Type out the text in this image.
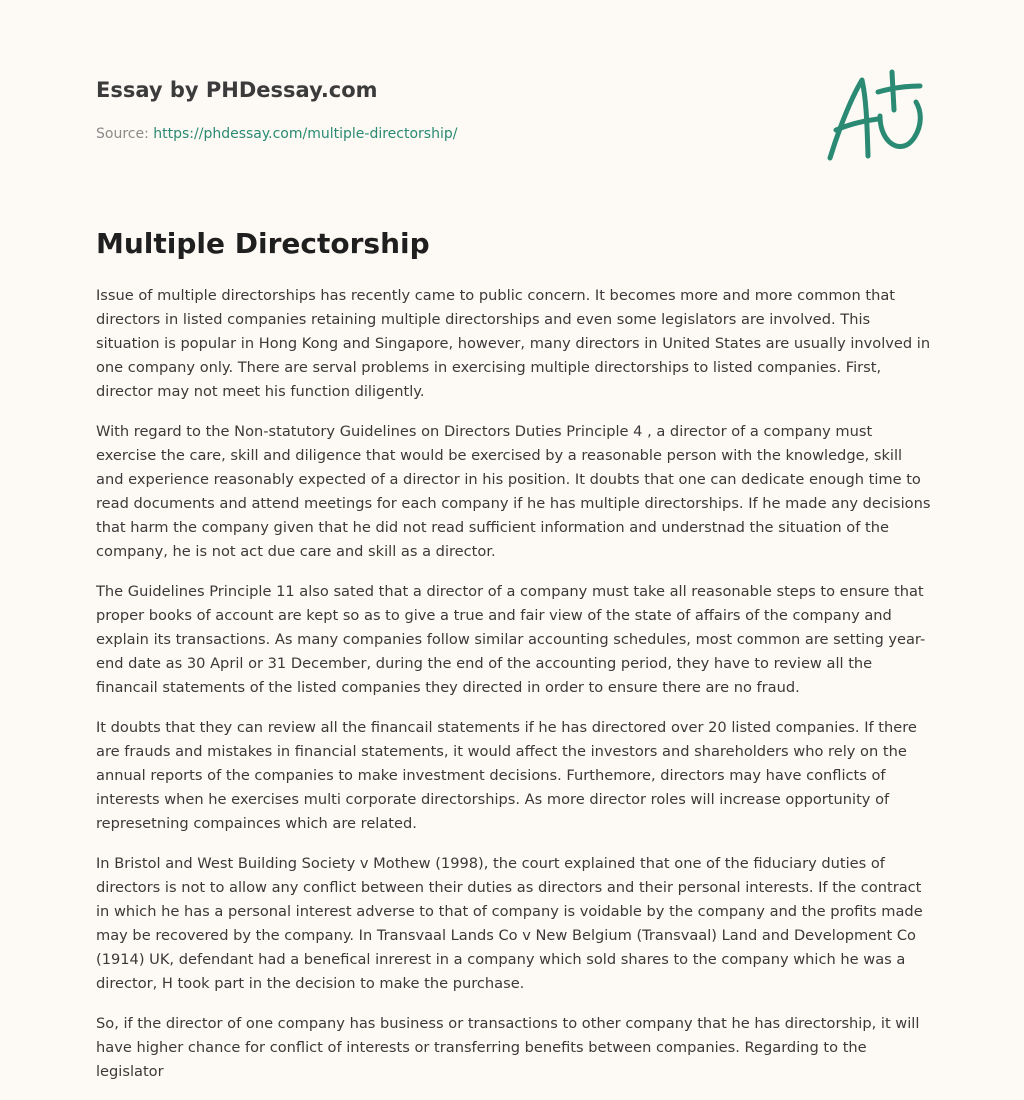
Essay by PHDessay.com
Source: https://phdessay.com/multiple-directorship/
Multiple Directorship

Issue of multiple directorships has recently came to public concern. It becomes more and more common that directors in listed companies retaining multiple directorships and even some legislators are involved. This situation is popular in Hong Kong and Singapore, however, many directors in United States are usually involved in one company only. There are serval problems in exercising multiple directorships to listed companies. First, director may not meet his function diligently.

With regard to the Non-statutory Guidelines on Directors Duties Principle 4 , a director of a company must exercise the care, skill and diligence that would be exercised by a reasonable person with the knowledge, skill and experience reasonably expected of a director in his position. It doubts that one can dedicate enough time to read documents and attend meetings for each company if he has multiple directorships. If he made any decisions that harm the company given that he did not read sufficient information and understnad the situation of the company, he is not act due care and skill as a director.

The Guidelines Principle 11 also sated that a director of a company must take all reasonable steps to ensure that proper books of account are kept so as to give a true and fair view of the state of affairs of the company and explain its transactions. As many companies follow similar accounting schedules, most common are setting year-end date as 30 April or 31 December, during the end of the accounting period, they have to review all the financail statements of the listed companies they directed in order to ensure there are no fraud.

It doubts that they can review all the financail statements if he has directored over 20 listed companies. If there are frauds and mistakes in financial statements, it would affect the investors and shareholders who rely on the annual reports of the companies to make investment decisions. Furthemore, directors may have conflicts of interests when he exercises multi corporate directorships. As more director roles will increase opportunity of represetning compainces which are related.

In Bristol and West Building Society v Mothew (1998), the court explained that one of the fiduciary duties of directors is not to allow any conflict between their duties as directors and their personal interests. If the contract in which he has a personal interest adverse to that of company is voidable by the company and the profits made may be recovered by the company. In Transvaal Lands Co v New Belgium (Transvaal) Land and Development Co (1914) UK, defendant had a benefical inrerest in a company which sold shares to the company which he was a director, H took part in the decision to make the purchase.

So, if the director of one company has business or transactions to other company that he has directorship, it will have higher chance for conflict of interests or transferring benefits between companies. Regarding to the legislator
